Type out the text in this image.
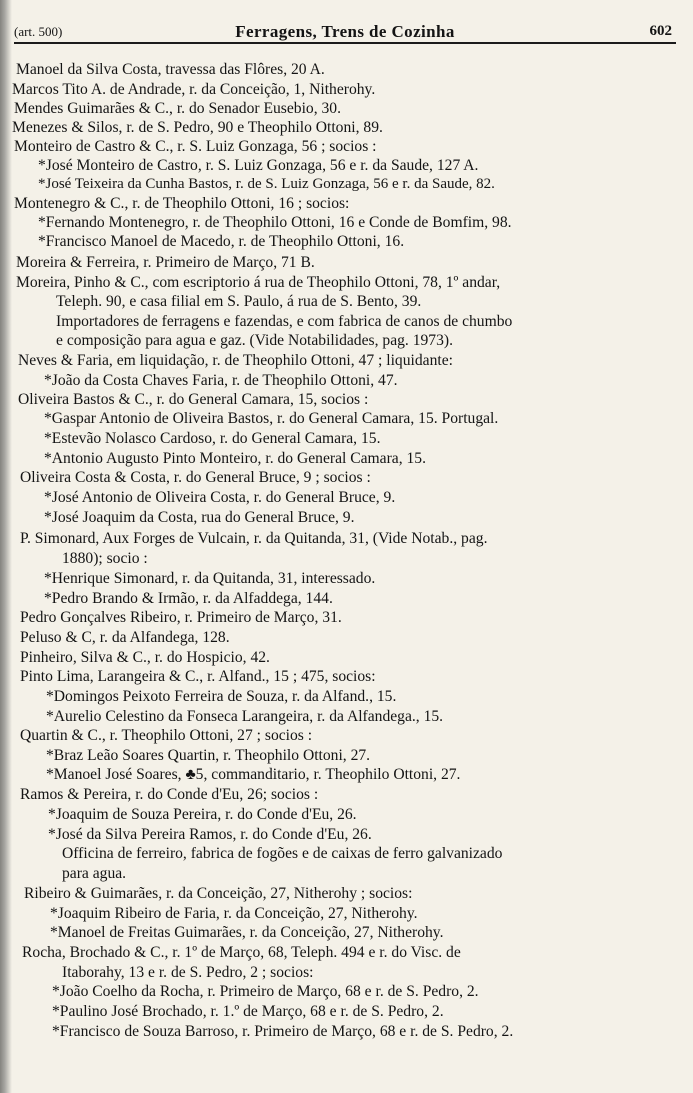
(art. 500)	Ferragens, Trens de Cozinha	602
Manoel da Silva Costa, travessa das Flôres, 20 A.
Marcos Tito A. de Andrade, r. da Conceição, 1, Nitherohy.
Mendes Guimarães & C., r. do Senador Eusebio, 30.
Menezes & Silos, r. de S. Pedro, 90 e Theophilo Ottoni, 89.
Monteiro de Castro & C., r. S. Luiz Gonzaga, 56 ; socios :
*José Monteiro de Castro, r. S. Luiz Gonzaga, 56 e r. da Saude, 127 A.
*José Teixeira da Cunha Bastos, r. de S. Luiz Gonzaga, 56 e r. da Saude, 82.
Montenegro & C., r. de Theophilo Ottoni, 16 ; socios:
*Fernando Montenegro, r. de Theophilo Ottoni, 16 e Conde de Bomfim, 98.
*Francisco Manoel de Macedo, r. de Theophilo Ottoni, 16.
Moreira & Ferreira, r. Primeiro de Março, 71 B.
Moreira, Pinho & C., com escriptorio á rua de Theophilo Ottoni, 78, 1º andar,
Teleph. 90, e casa filial em S. Paulo, á rua de S. Bento, 39.
Importadores de ferragens e fazendas, e com fabrica de canos de chumbo
e composição para agua e gaz. (Vide Notabilidades, pag. 1973).
Neves & Faria, em liquidação, r. de Theophilo Ottoni, 47 ; liquidante:
*João da Costa Chaves Faria, r. de Theophilo Ottoni, 47.
Oliveira Bastos & C., r. do General Camara, 15, socios :
*Gaspar Antonio de Oliveira Bastos, r. do General Camara, 15. Portugal.
*Estevão Nolasco Cardoso, r. do General Camara, 15.
*Antonio Augusto Pinto Monteiro, r. do General Camara, 15.
Oliveira Costa & Costa, r. do General Bruce, 9 ; socios :
*José Antonio de Oliveira Costa, r. do General Bruce, 9.
*José Joaquim da Costa, rua do General Bruce, 9.
P. Simonard, Aux Forges de Vulcain, r. da Quitanda, 31, (Vide Notab., pag.
1880); socio :
*Henrique Simonard, r. da Quitanda, 31, interessado.
*Pedro Brando & Irmão, r. da Alfaddega, 144.
Pedro Gonçalves Ribeiro, r. Primeiro de Março, 31.
Peluso & C, r. da Alfandega, 128.
Pinheiro, Silva & C., r. do Hospicio, 42.
Pinto Lima, Larangeira & C., r. Alfand., 15 ; 475, socios:
*Domingos Peixoto Ferreira de Souza, r. da Alfand., 15.
*Aurelio Celestino da Fonseca Larangeira, r. da Alfandega., 15.
Quartin & C., r. Theophilo Ottoni, 27 ; socios :
*Braz Leão Soares Quartin, r. Theophilo Ottoni, 27.
*Manoel José Soares, ♣5, commanditario, r. Theophilo Ottoni, 27.
Ramos & Pereira, r. do Conde d'Eu, 26; socios :
*Joaquim de Souza Pereira, r. do Conde d'Eu, 26.
*José da Silva Pereira Ramos, r. do Conde d'Eu, 26.
Officina de ferreiro, fabrica de fogões e de caixas de ferro galvanizado
para agua.
Ribeiro & Guimarães, r. da Conceição, 27, Nitherohy ; socios:
*Joaquim Ribeiro de Faria, r. da Conceição, 27, Nitherohy.
*Manoel de Freitas Guimarães, r. da Conceição, 27, Nitherohy.
Rocha, Brochado & C., r. 1º de Março, 68, Teleph. 494 e r. do Visc. de
Itaborahy, 13 e r. de S. Pedro, 2 ; socios:
*João Coelho da Rocha, r. Primeiro de Março, 68 e r. de S. Pedro, 2.
*Paulino José Brochado, r. 1.º de Março, 68 e r. de S. Pedro, 2.
*Francisco de Souza Barroso, r. Primeiro de Março, 68 e r. de S. Pedro, 2.
